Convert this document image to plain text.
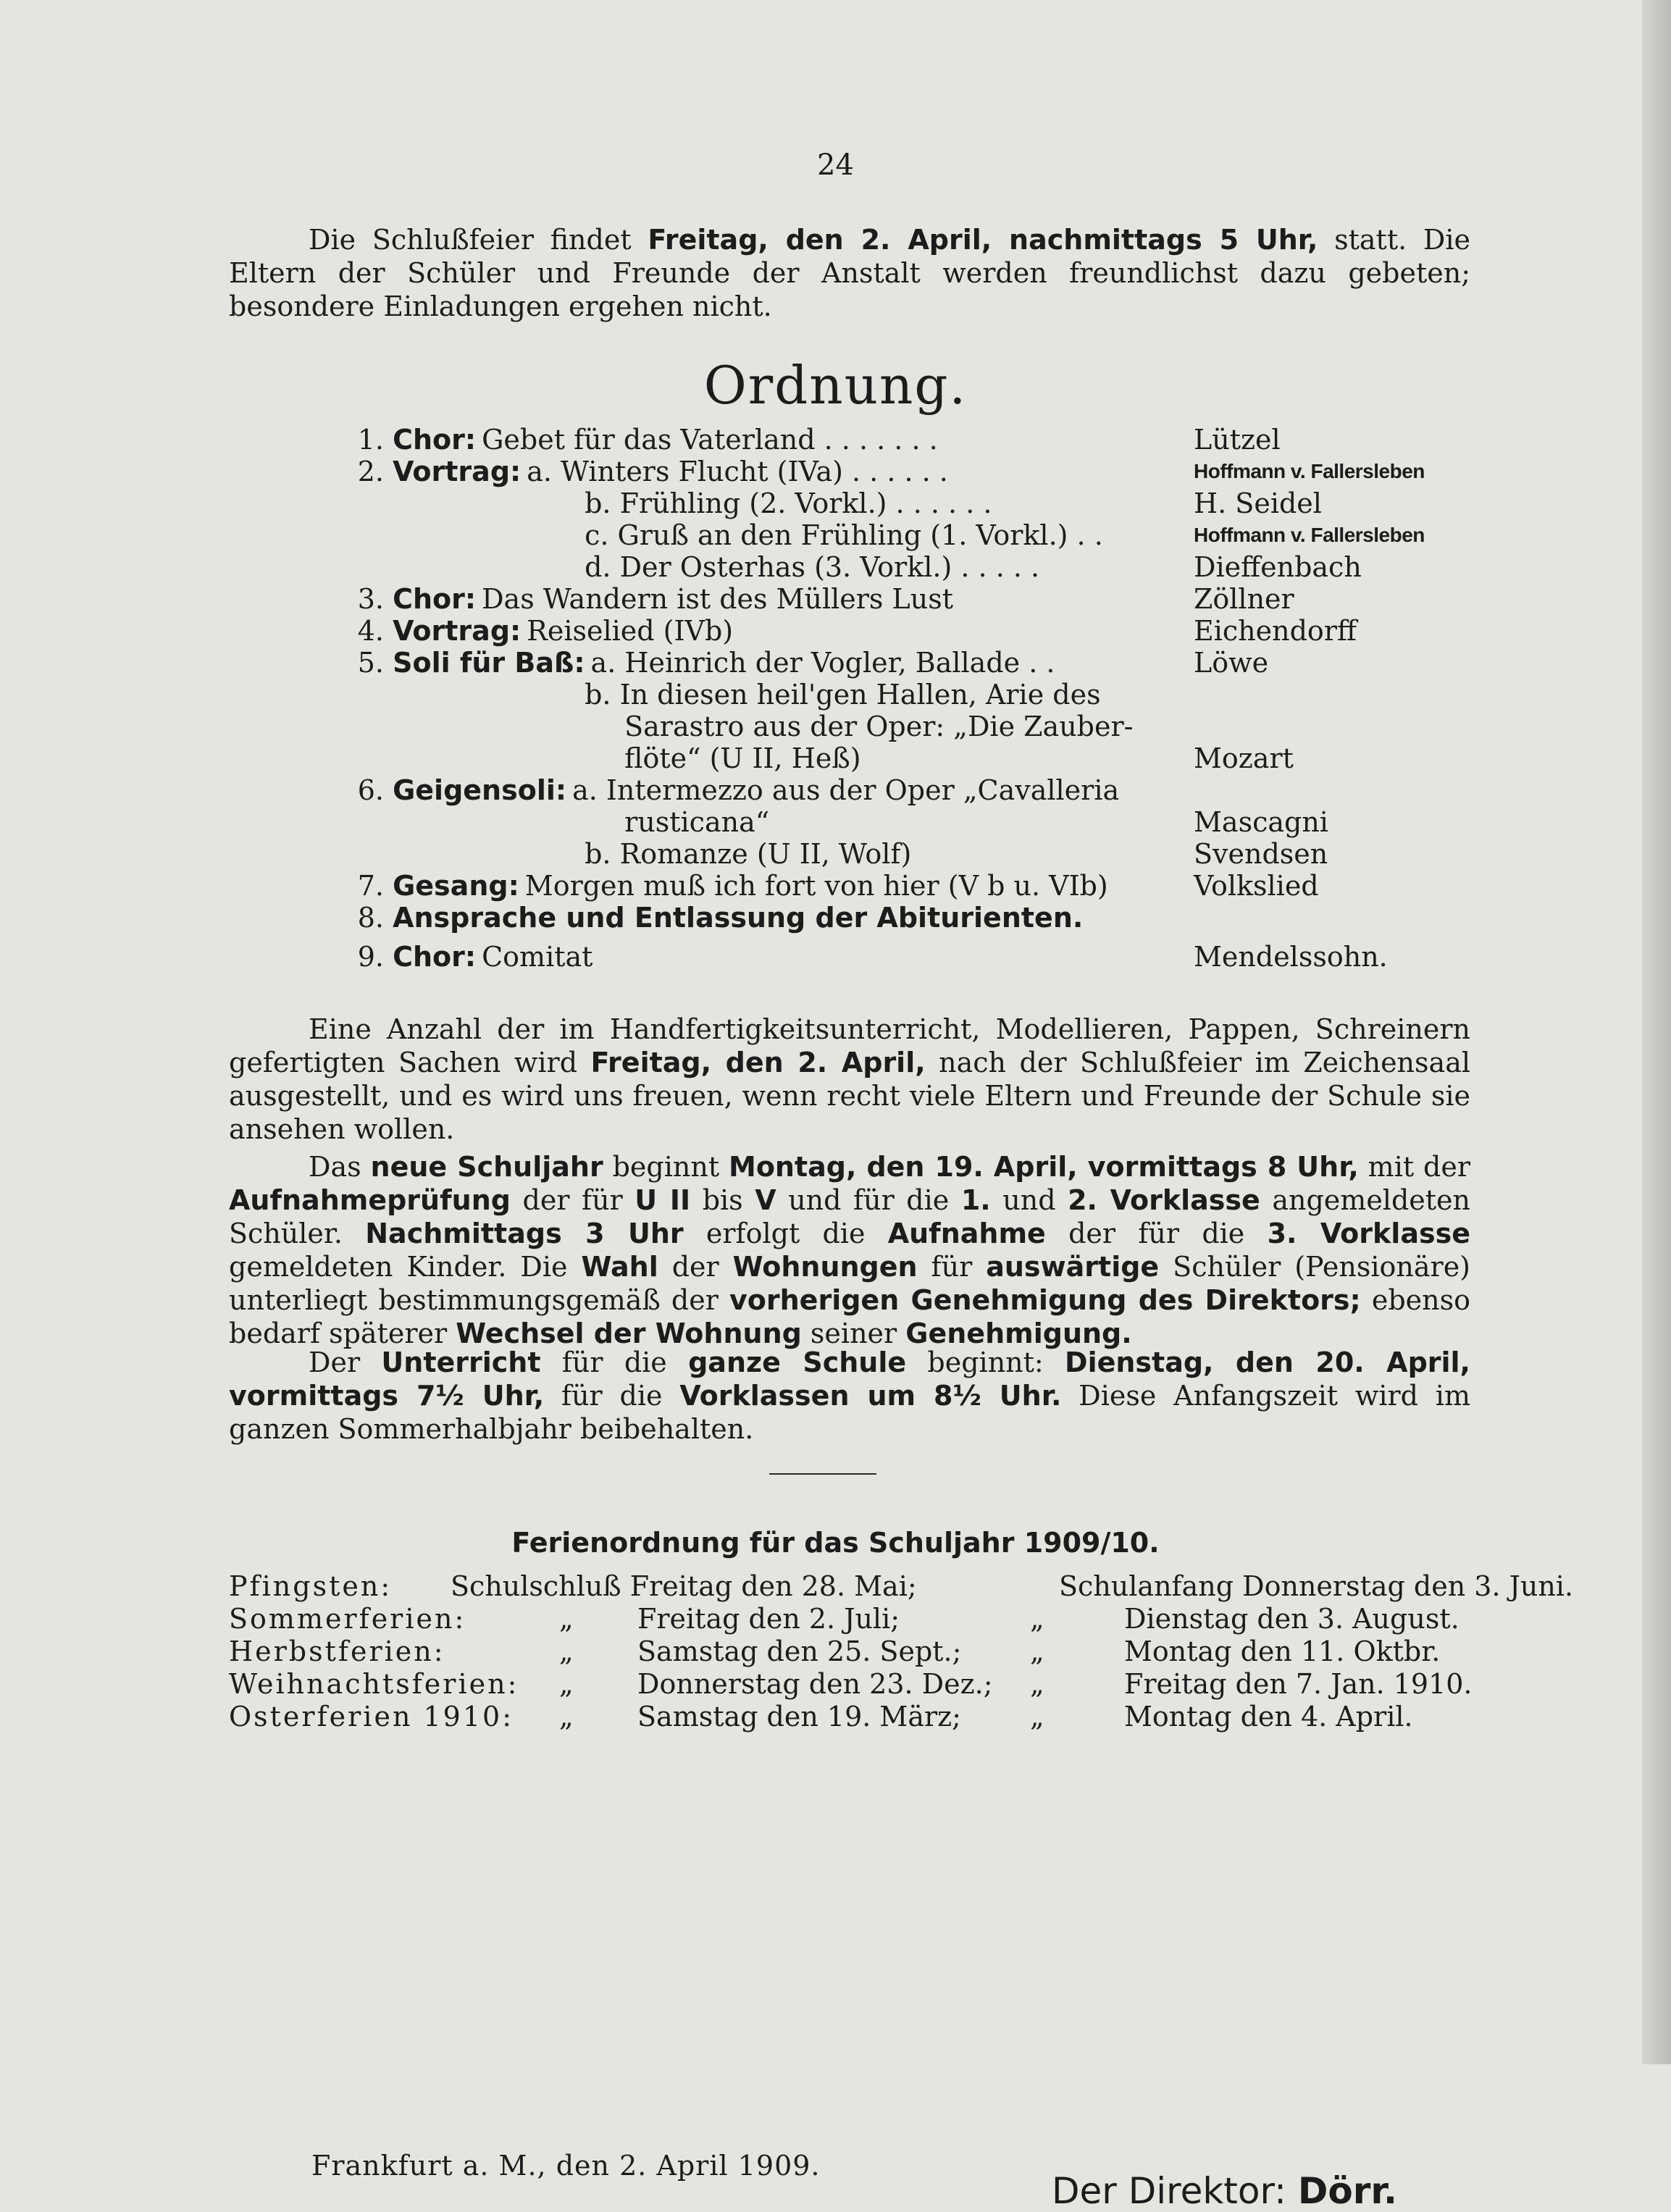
24

Die Schlußfeier findet Freitag, den 2. April, nachmittags 5 Uhr, statt. Die Eltern der Schüler und Freunde der Anstalt werden freundlichst dazu gebeten; besondere Einladungen ergehen nicht.

Ordnung.
1. Chor: Gebet für das Vaterland . . . . . . .	Lützel
2. Vortrag: a. Winters Flucht (IVa) . . . . . .	Hoffmann v. Fallersleben
b. Frühling (2. Vorkl.) . . . . . .	H. Seidel
c. Gruß an den Frühling (1. Vorkl.) . .	Hoffmann v. Fallersleben
d. Der Osterhas (3. Vorkl.) . . . . .	Dieffenbach
3. Chor: Das Wandern ist des Müllers Lust	Zöllner
4. Vortrag: Reiselied (IVb)	Eichendorff
5. Soli für Baß: a. Heinrich der Vogler, Ballade . .	Löwe
b. In diesen heil'gen Hallen, Arie des
Sarastro aus der Oper: „Die Zauber-
flöte“ (U II, Heß)	Mozart
6. Geigensoli: a. Intermezzo aus der Oper „Cavalleria
rusticana“	Mascagni
b. Romanze (U II, Wolf)	Svendsen
7. Gesang: Morgen muß ich fort von hier (V b u. VIb)	Volkslied
8. Ansprache und Entlassung der Abiturienten.
9. Chor: Comitat	Mendelssohn.

Eine Anzahl der im Handfertigkeitsunterricht, Modellieren, Pappen, Schreinern gefertigten Sachen wird Freitag, den 2. April, nach der Schlußfeier im Zeichensaal ausgestellt, und es wird uns freuen, wenn recht viele Eltern und Freunde der Schule sie ansehen wollen.

Das neue Schuljahr beginnt Montag, den 19. April, vormittags 8 Uhr, mit der Aufnahmeprüfung der für U II bis V und für die 1. und 2. Vorklasse angemeldeten Schüler. Nachmittags 3 Uhr erfolgt die Aufnahme der für die 3. Vorklasse gemeldeten Kinder. Die Wahl der Wohnungen für auswärtige Schüler (Pensionäre) unterliegt bestimmungsgemäß der vorherigen Genehmigung des Direktors; ebenso bedarf späterer Wechsel der Wohnung seiner Genehmigung.

Der Unterricht für die ganze Schule beginnt: Dienstag, den 20. April, vormittags 7½ Uhr, für die Vorklassen um 8½ Uhr. Diese Anfangszeit wird im ganzen Sommerhalbjahr beibehalten.

Ferienordnung für das Schuljahr 1909/10.
Pfingsten: Schulschluß Freitag den 28. Mai;	Schulanfang Donnerstag den 3. Juni.
Sommerferien:	„ Freitag den 2. Juli;	„	Dienstag den 3. August.
Herbstferien:	„ Samstag den 25. Sept.; „	Montag den 11. Oktbr.
Weihnachtsferien: „ Donnerstag den 23. Dez.; „	Freitag den 7. Jan. 1910.
Osterferien 1910: „ Samstag den 19. März;	„	Montag den 4. April.
Frankfurt a. M., den 2. April 1909.
Der Direktor: Dörr.
